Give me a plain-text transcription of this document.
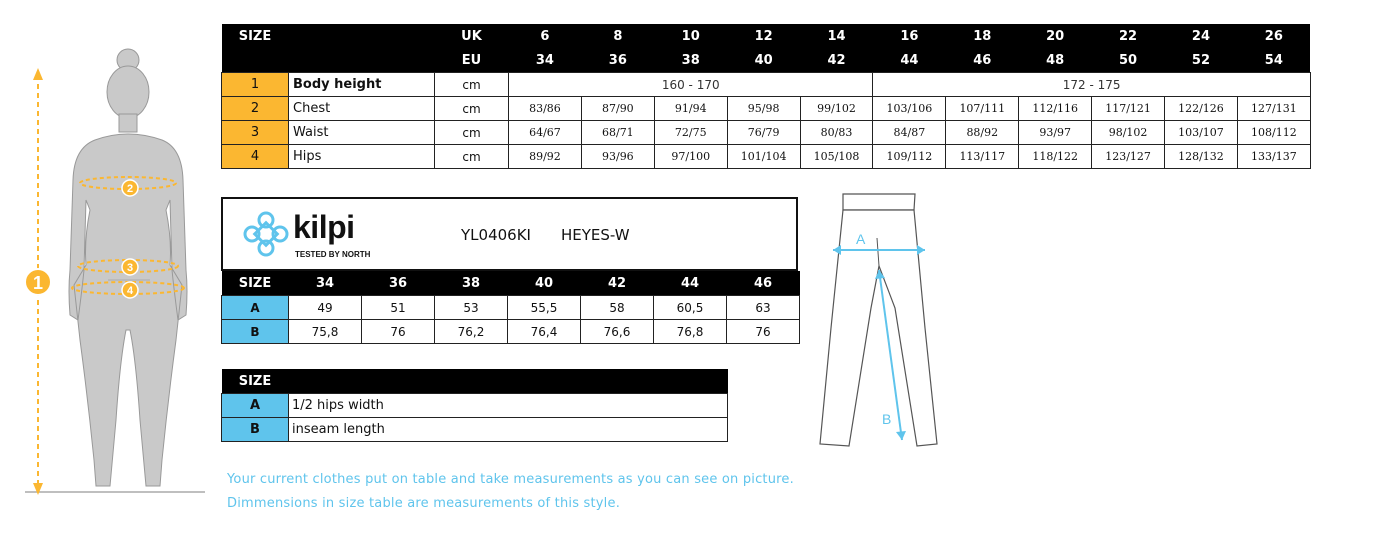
1
2
3
4
SIZE		UK	6	8	10	12	14	16	18	20	22	24	26
		EU	34	36	38	40	42	44	46	48	50	52	54
1	Body height	cm	160 - 170					172 - 175					
2	Chest	cm	83/86	87/90	91/94	95/98	99/102	103/106	107/111	112/116	117/121	122/126	127/131
3	Waist	cm	64/67	68/71	72/75	76/79	80/83	84/87	88/92	93/97	98/102	103/107	108/112
4	Hips	cm	89/92	93/96	97/100	101/104	105/108	109/112	113/117	118/122	123/127	128/132	133/137
kilpi
TESTED BY NORTH
YL0406KI HEYES-W
SIZE	34	36	38	40	42	44	46
A	49	51	53	55,5	58	60,5	63
B	75,8	76	76,2	76,4	76,6	76,8	76
SIZE	
A	1/2 hips width
B	inseam length
A
B
Your current clothes put on table and take measurements as you can see on picture.
Dimmensions in size table are measurements of this style.
